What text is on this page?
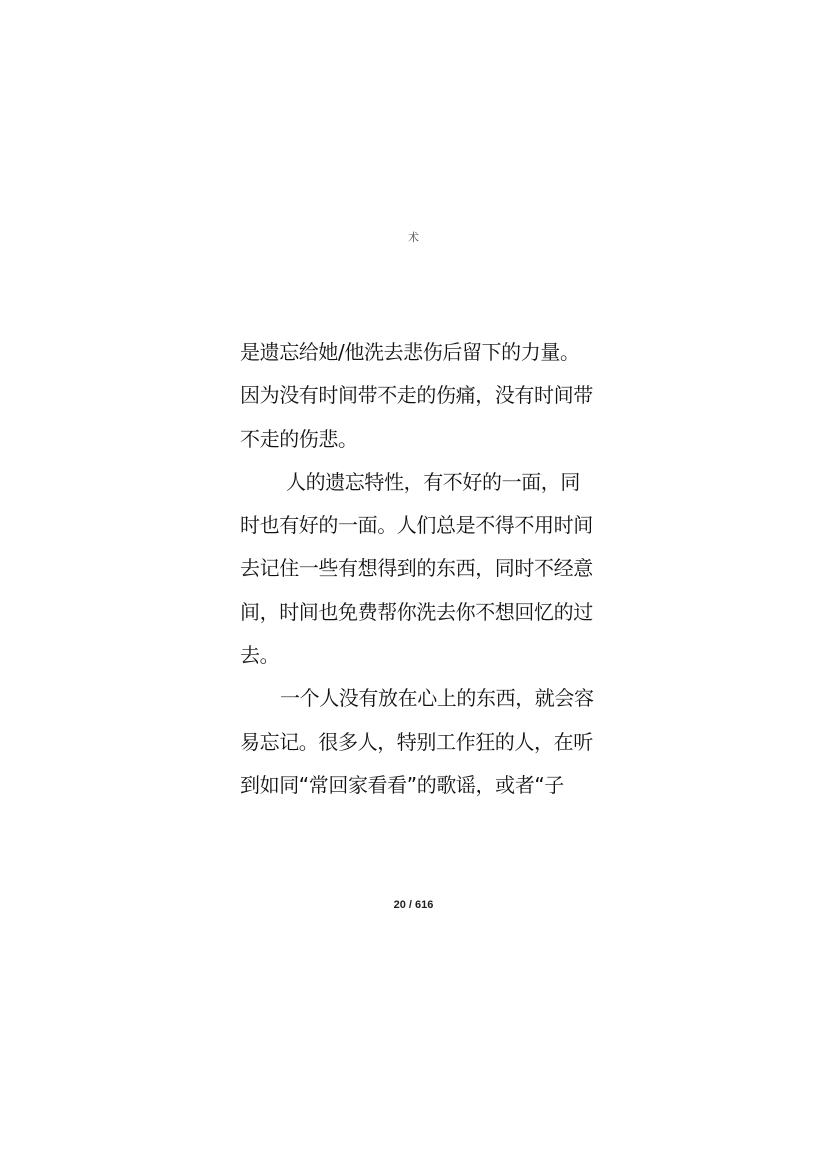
术
是遗忘给她/他洗去悲伤后留下的力量。
因为没有时间带不走的伤痛，没有时间带
不走的伤悲。
人的遗忘特性，有不好的一面，同
时也有好的一面。人们总是不得不用时间
去记住一些有想得到的东西，同时不经意
间，时间也免费帮你洗去你不想回忆的过
去。
一个人没有放在心上的东西，就会容
易忘记。很多人，特别工作狂的人，在听
到如同“常回家看看”的歌谣，或者“子
20 / 616
